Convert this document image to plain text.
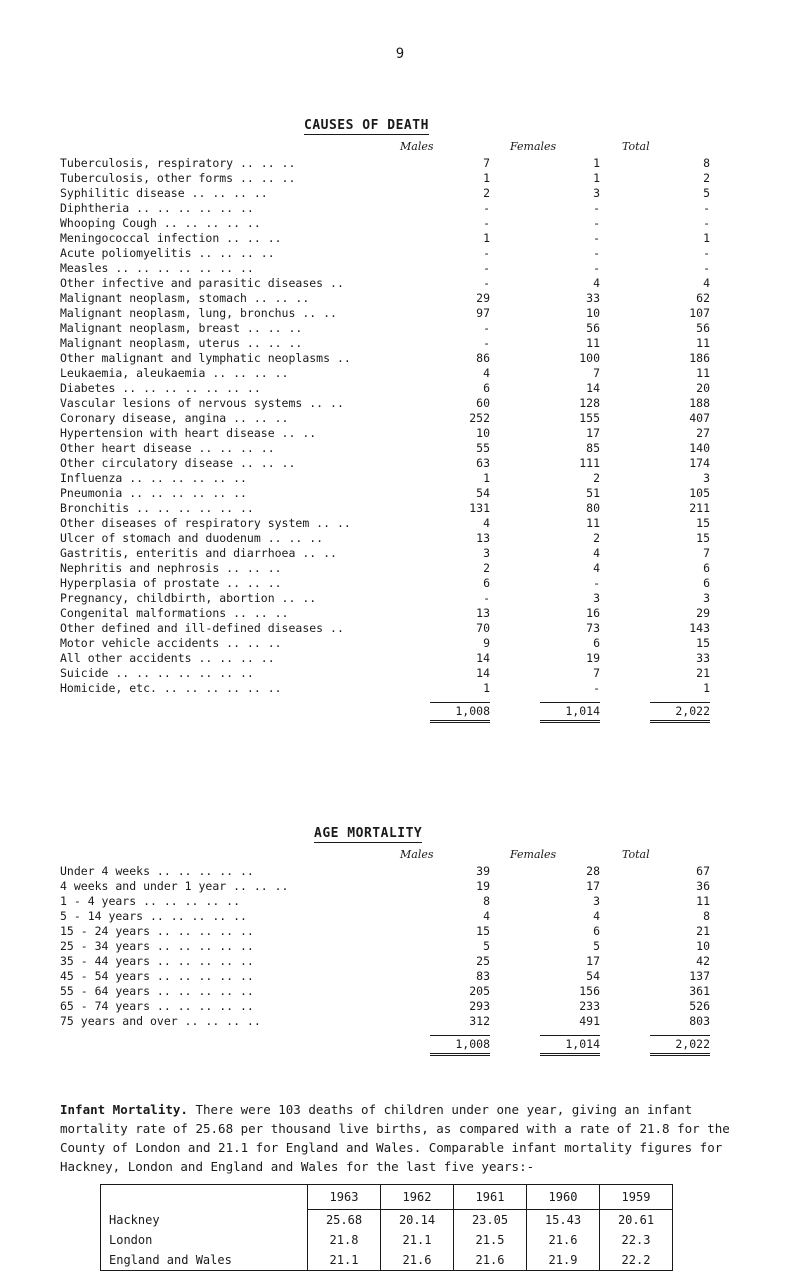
9
CAUSES OF DEATH
Males	Females	Total
Tuberculosis, respiratory .. .. ..	7	1	8
Tuberculosis, other forms .. .. ..	1	1	2
Syphilitic disease .. .. .. ..	2	3	5
Diphtheria .. .. .. .. .. ..	-	-	-
Whooping Cough .. .. .. .. ..	-	-	-
Meningococcal infection .. .. ..	1	-	1
Acute poliomyelitis .. .. .. ..	-	-	-
Measles .. .. .. .. .. .. ..	-	-	-
Other infective and parasitic diseases ..	-	4	4
Malignant neoplasm, stomach .. .. ..	29	33	62
Malignant neoplasm, lung, bronchus .. ..	97	10	107
Malignant neoplasm, breast .. .. ..	-	56	56
Malignant neoplasm, uterus .. .. ..	-	11	11
Other malignant and lymphatic neoplasms ..	86	100	186
Leukaemia, aleukaemia .. .. .. ..	4	7	11
Diabetes .. .. .. .. .. .. ..	6	14	20
Vascular lesions of nervous systems .. ..	60	128	188
Coronary disease, angina .. .. ..	252	155	407
Hypertension with heart disease .. ..	10	17	27
Other heart disease .. .. .. ..	55	85	140
Other circulatory disease .. .. ..	63	111	174
Influenza .. .. .. .. .. ..	1	2	3
Pneumonia .. .. .. .. .. ..	54	51	105
Bronchitis .. .. .. .. .. ..	131	80	211
Other diseases of respiratory system .. ..	4	11	15
Ulcer of stomach and duodenum .. .. ..	13	2	15
Gastritis, enteritis and diarrhoea .. ..	3	4	7
Nephritis and nephrosis .. .. ..	2	4	6
Hyperplasia of prostate .. .. ..	6	-	6
Pregnancy, childbirth, abortion .. ..	-	3	3
Congenital malformations .. .. ..	13	16	29
Other defined and ill-defined diseases ..	70	73	143
Motor vehicle accidents .. .. ..	9	6	15
All other accidents .. .. .. ..	14	19	33
Suicide .. .. .. .. .. .. ..	14	7	21
Homicide, etc. .. .. .. .. .. ..	1	-	1
1,008	1,014	2,022
AGE MORTALITY
Males	Females	Total
Under 4 weeks .. .. .. .. ..	39	28	67
4 weeks and under 1 year .. .. ..	19	17	36
1 - 4 years .. .. .. .. ..	8	3	11
5 - 14 years .. .. .. .. ..	4	4	8
15 - 24 years .. .. .. .. ..	15	6	21
25 - 34 years .. .. .. .. ..	5	5	10
35 - 44 years .. .. .. .. ..	25	17	42
45 - 54 years .. .. .. .. ..	83	54	137
55 - 64 years .. .. .. .. ..	205	156	361
65 - 74 years .. .. .. .. ..	293	233	526
75 years and over .. .. .. ..	312	491	803
1,008	1,014	2,022
Infant Mortality. There were 103 deaths of children under one year, giving an infant mortality rate of 25.68 per thousand live births, as compared with a rate of 21.8 for the County of London and 21.1 for England and Wales. Comparable infant mortality figures for Hackney, London and England and Wales for the last five years:-
	1963	1962	1961	1960	1959
Hackney	25.68	20.14	23.05	15.43	20.61
London	21.8	21.1	21.5	21.6	22.3
England and Wales	21.1	21.6	21.6	21.9	22.2
